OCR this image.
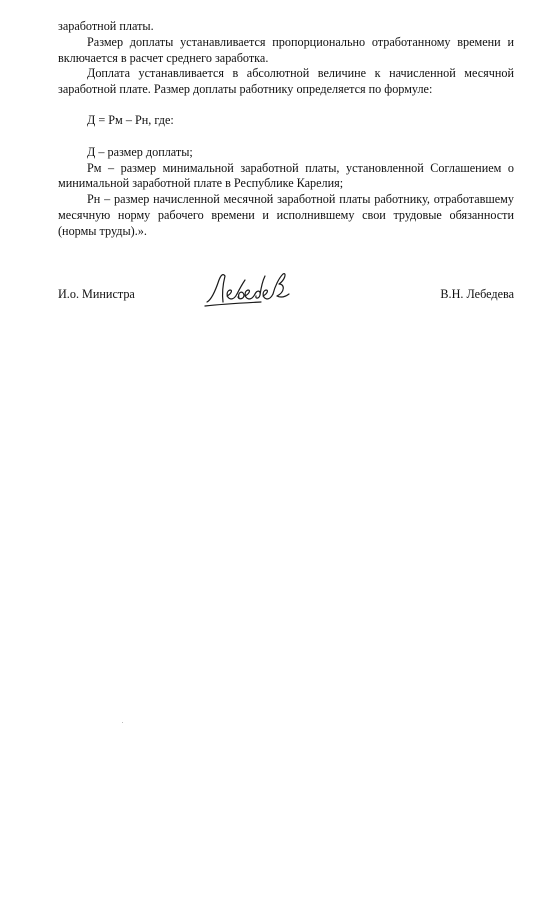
заработной платы.

Размер доплаты устанавливается пропорционально отработанному времени и включается в расчет среднего заработка.

Доплата устанавливается в абсолютной величине к начисленной месячной заработной плате. Размер доплаты работнику определяется по формуле:

Д = Рм – Рн, где:

Д – размер доплаты;

Рм – размер минимальной заработной платы, установленной Соглашением о минимальной заработной плате в Республике Карелия;

Рн – размер начисленной месячной заработной платы работнику, отработавшему месячную норму рабочего времени и исполнившему свои трудовые обязанности (нормы труды).».

И.о. Министра	В.Н. Лебедева
